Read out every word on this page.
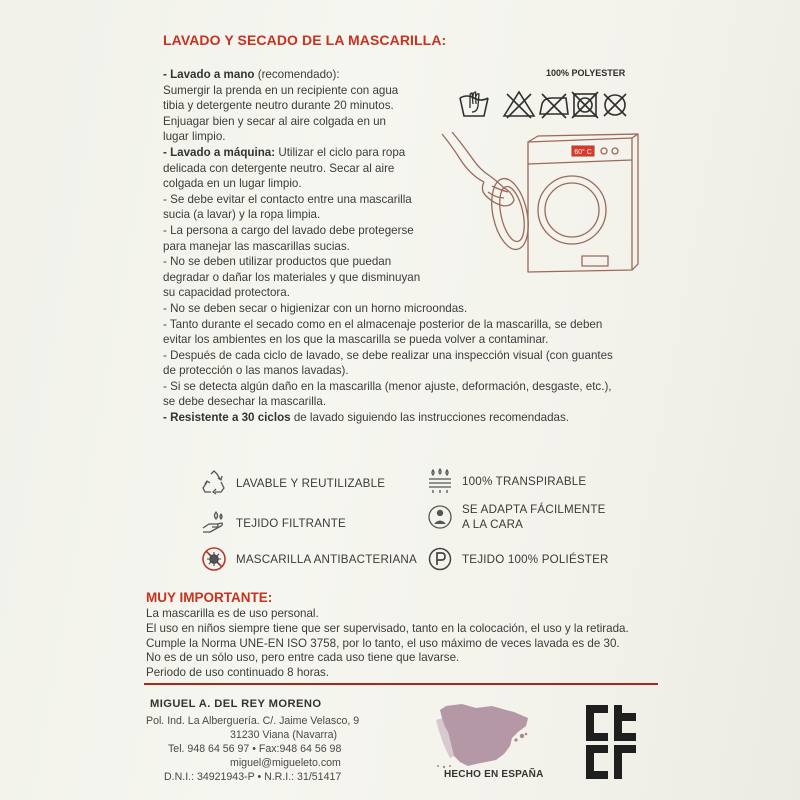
LAVADO Y SECADO DE LA MASCARILLA:
- Lavado a mano (recomendado):
Sumergir la prenda en un recipiente con agua
tibia y detergente neutro durante 20 minutos.
Enjuagar bien y secar al aire colgada en un
lugar limpio.
- Lavado a máquina: Utilizar el ciclo para ropa
delicada con detergente neutro. Secar al aire
colgada en un lugar limpio.
- Se debe evitar el contacto entre una mascarilla
sucia (a lavar) y la ropa limpia.
- La persona a cargo del lavado debe protegerse
para manejar las mascarillas sucias.
- No se deben utilizar productos que puedan
degradar o dañar los materiales y que disminuyan
su capacidad protectora.
- No se deben secar o higienizar con un horno microondas.
- Tanto durante el secado como en el almacenaje posterior de la mascarilla, se deben
evitar los ambientes en los que la mascarilla se pueda volver a contaminar.
- Después de cada ciclo de lavado, se debe realizar una inspección visual (con guantes
de protección o las manos lavadas).
- Si se detecta algún daño en la mascarilla (menor ajuste, deformación, desgaste, etc.),
se debe desechar la mascarilla.
- Resistente a 30 ciclos de lavado siguiendo las instrucciones recomendadas.
100% POLYESTER
60° C
LAVABLE Y REUTILIZABLE	100% TRANSPIRABLE
TEJIDO FILTRANTE
SE ADAPTA FÁCILMENTE
A LA CARA
MASCARILLA ANTIBACTERIANA	TEJIDO 100% POLIÉSTER
MUY IMPORTANTE:
La mascarilla es de uso personal.
El uso en niños siempre tiene que ser supervisado, tanto en la colocación, el uso y la retirada.
Cumple la Norma UNE-EN ISO 3758, por lo tanto, el uso máximo de veces lavada es de 30.
No es de un sólo uso, pero entre cada uso tiene que lavarse.
Periodo de uso continuado 8 horas.
MIGUEL A. DEL REY MORENO
Pol. Ind. La Alberguería. C/. Jaime Velasco, 9
31230 Viana (Navarra)
Tel. 948 64 56 97 • Fax:948 64 56 98
miguel@migueleto.com
D.N.I.: 34921943-P • N.R.I.: 31/51417	HECHO EN ESPAÑA
